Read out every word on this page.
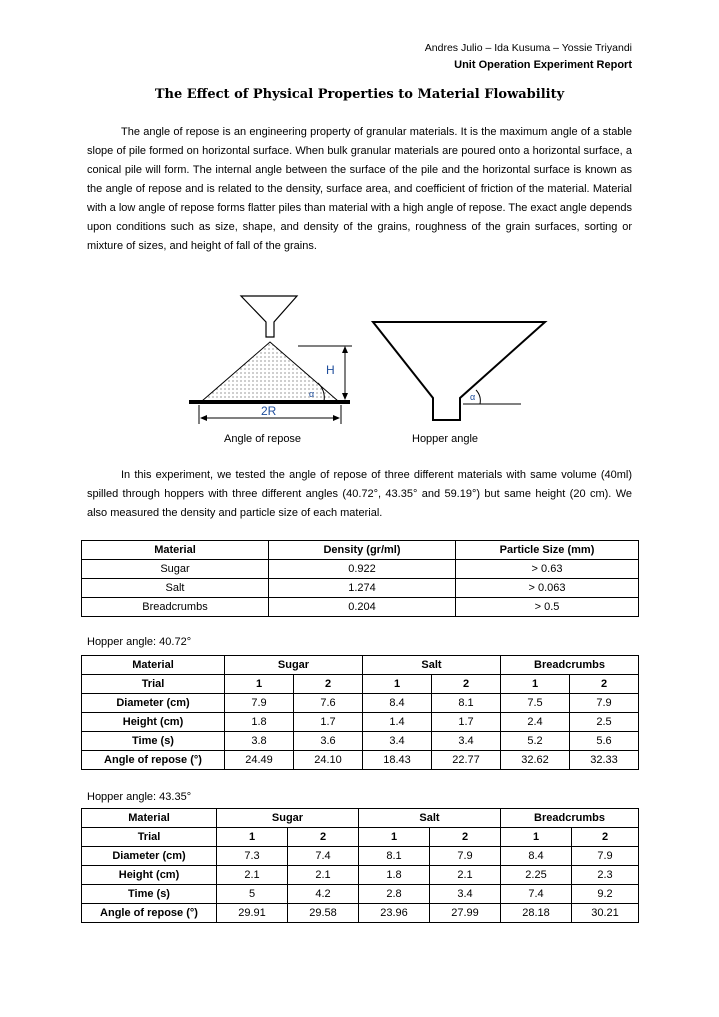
Andres Julio – Ida Kusuma – Yossie Triyandi
Unit Operation Experiment Report
The Effect of Physical Properties to Material Flowability

The angle of repose is an engineering property of granular materials. It is the maximum angle of a stable slope of pile formed on horizontal surface. When bulk granular materials are poured onto a horizontal surface, a conical pile will form. The internal angle between the surface of the pile and the horizontal surface is known as the angle of repose and is related to the density, surface area, and coefficient of friction of the material. Material with a low angle of repose forms flatter piles than material with a high angle of repose. The exact angle depends upon conditions such as size, shape, and density of the grains, roughness of the grain surfaces, sorting or mixture of sizes, and height of fall of the grains.

H
α
2R
α
Angle of repose	Hopper angle

In this experiment, we tested the angle of repose of three different materials with same volume (40ml) spilled through hoppers with three different angles (40.72°, 43.35° and 59.19°) but same height (20 cm). We also measured the density and particle size of each material.

Material	Density (gr/ml)	Particle Size (mm)
Sugar	0.922	> 0.63
Salt	1.274	> 0.063
Breadcrumbs	0.204	> 0.5
Hopper angle: 40.72°
Material	Sugar		Salt		Breadcrumbs	
Trial	1	2	1	2	1	2
Diameter (cm)	7.9	7.6	8.4	8.1	7.5	7.9
Height (cm)	1.8	1.7	1.4	1.7	2.4	2.5
Time (s)	3.8	3.6	3.4	3.4	5.2	5.6
Angle of repose (°)	24.49	24.10	18.43	22.77	32.62	32.33
Hopper angle: 43.35°
Material	Sugar		Salt		Breadcrumbs	
Trial	1	2	1	2	1	2
Diameter (cm)	7.3	7.4	8.1	7.9	8.4	7.9
Height (cm)	2.1	2.1	1.8	2.1	2.25	2.3
Time (s)	5	4.2	2.8	3.4	7.4	9.2
Angle of repose (°)	29.91	29.58	23.96	27.99	28.18	30.21
